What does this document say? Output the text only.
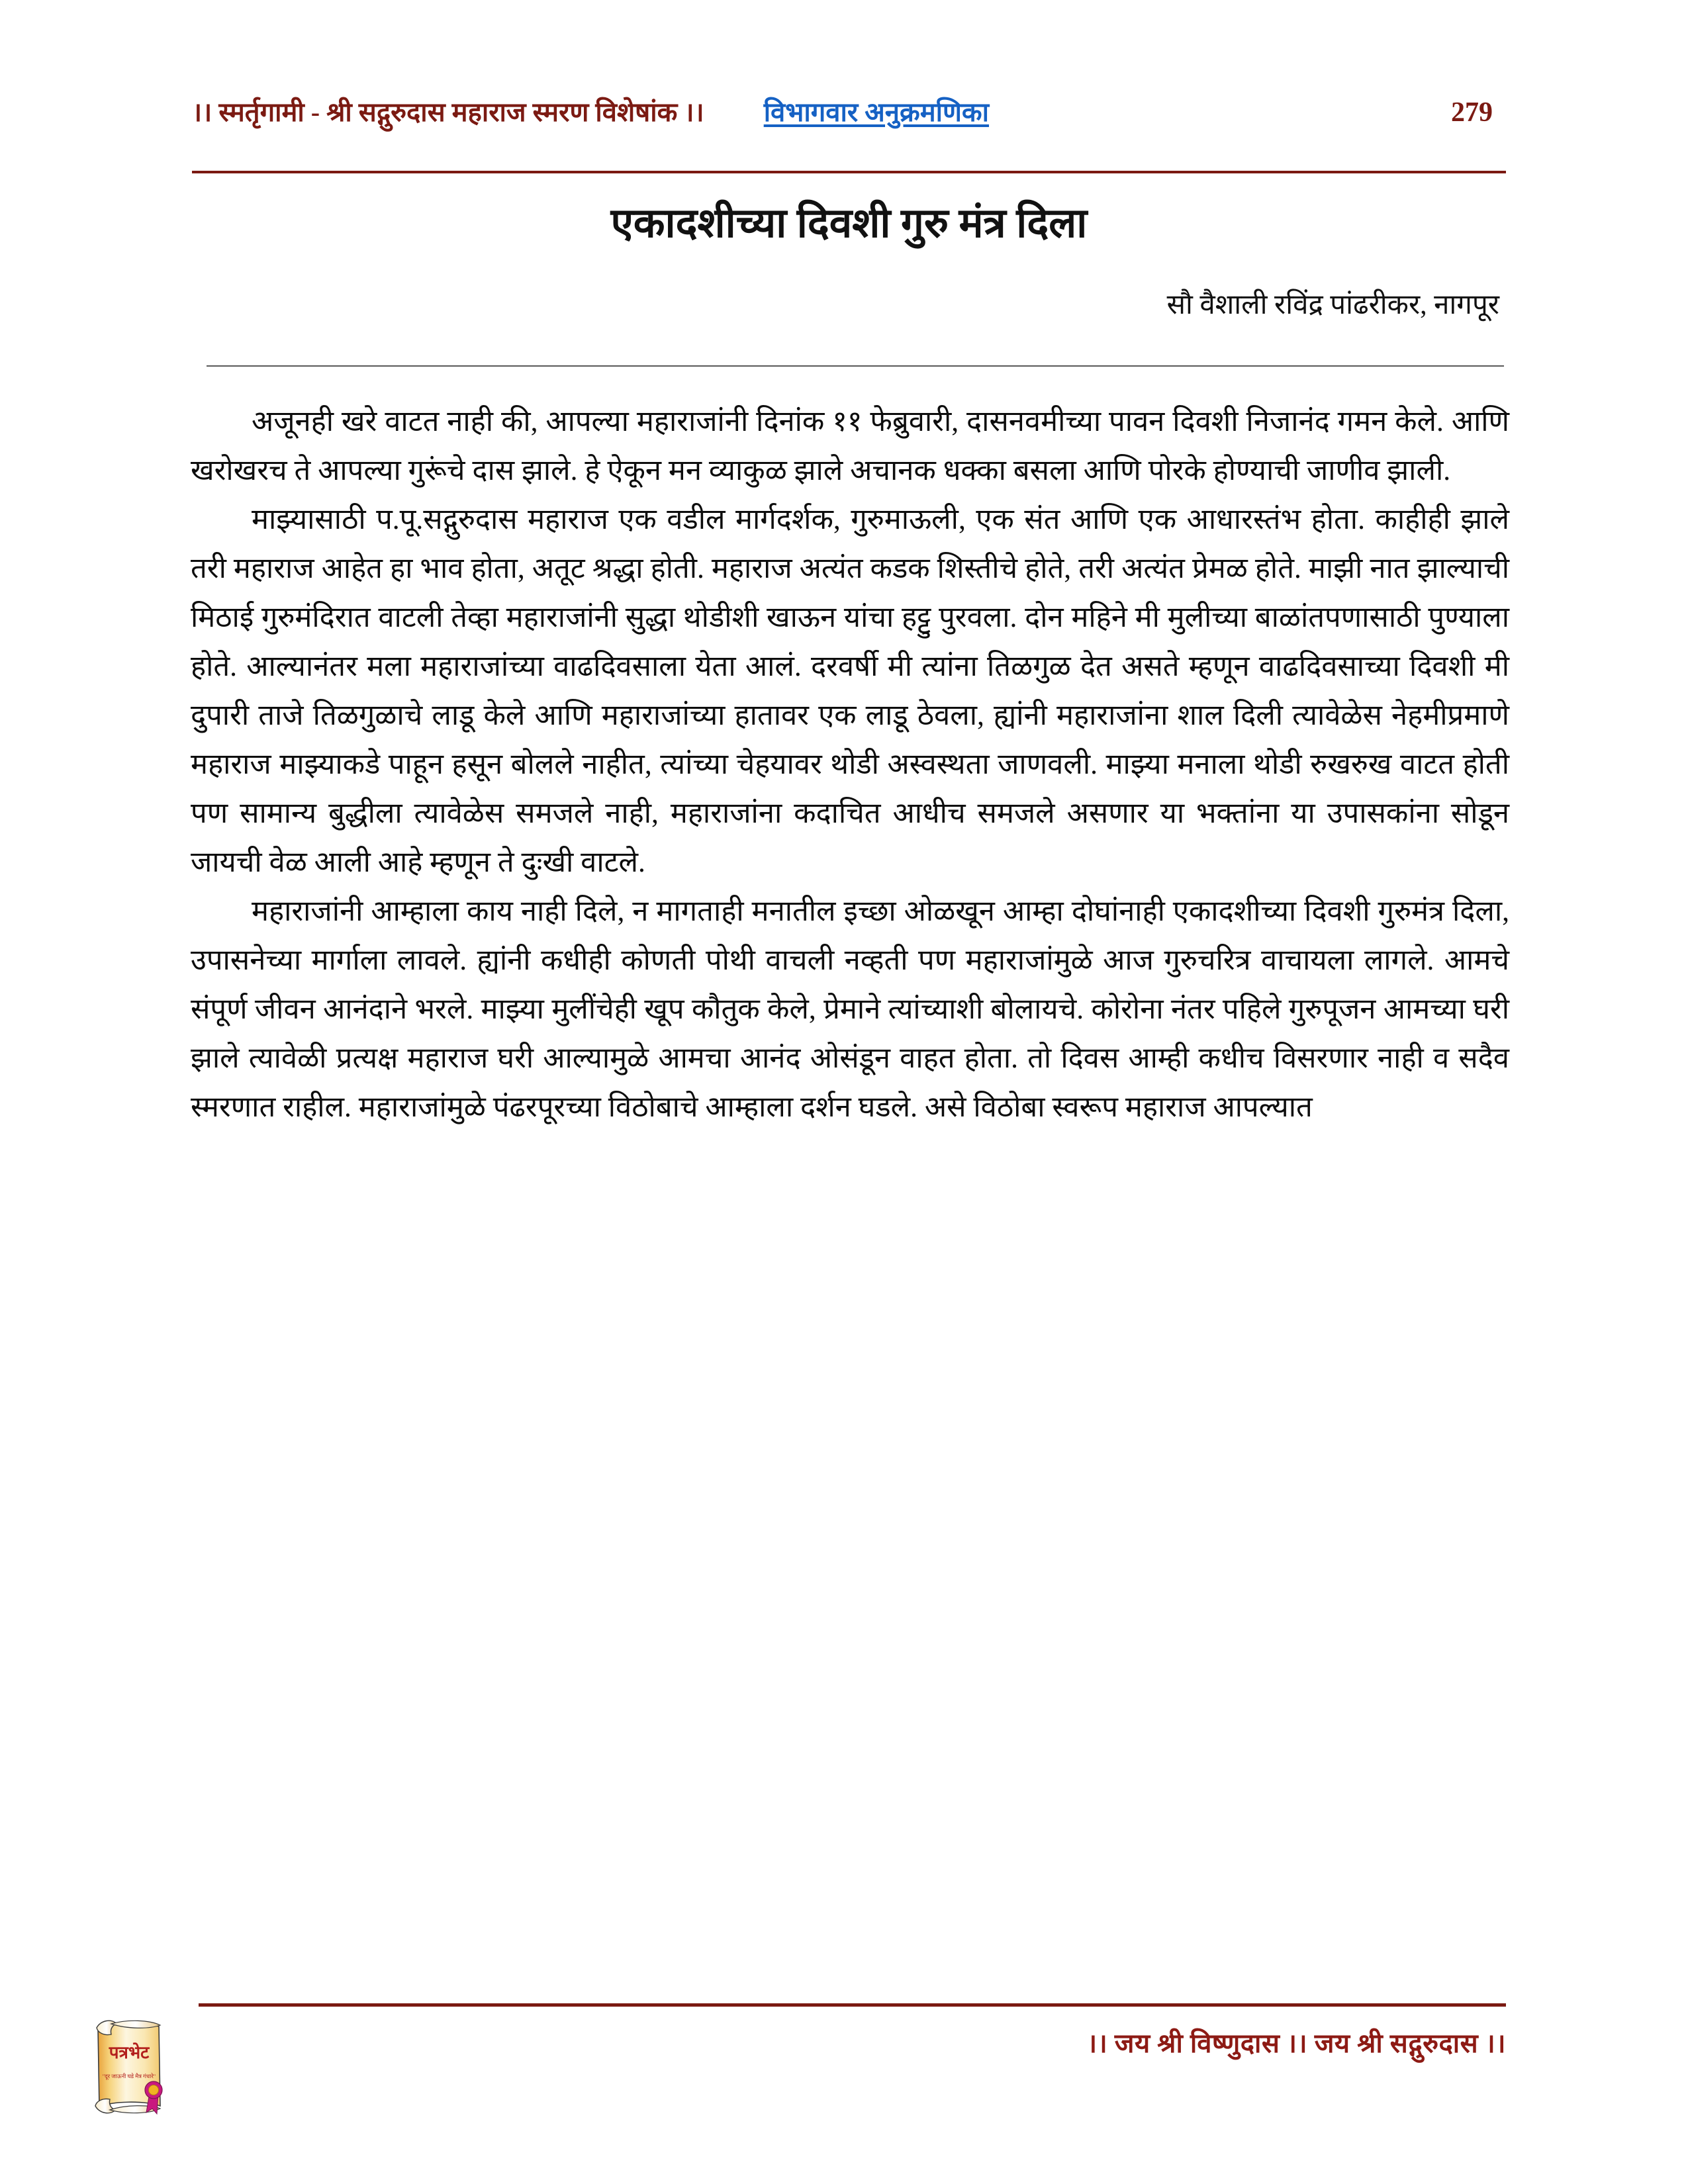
।। स्मर्तृगामी - श्री सद्गुरुदास महाराज स्मरण विशेषांक ।। विभागवार अनुक्रमणिका	279
एकादशीच्या दिवशी गुरु मंत्र दिला
सौ वैशाली रविंद्र पांढरीकर, नागपूर

अजूनही खरे वाटत नाही की, आपल्या महाराजांनी दिनांक ११ फेब्रुवारी, दासनवमीच्या पावन दिवशी निजानंद गमन केले. आणि खरोखरच ते आपल्या गुरूंचे दास झाले. हे ऐकून मन व्याकुळ झाले अचानक धक्का बसला आणि पोरके होण्याची जाणीव झाली.

माझ्यासाठी प.पू.सद्गुरुदास महाराज एक वडील मार्गदर्शक, गुरुमाऊली, एक संत आणि एक आधारस्तंभ होता. काहीही झाले तरी महाराज आहेत हा भाव होता, अतूट श्रद्धा होती. महाराज अत्यंत कडक शिस्तीचे होते, तरी अत्यंत प्रेमळ होते. माझी नात झाल्याची मिठाई गुरुमंदिरात वाटली तेव्हा महाराजांनी सुद्धा थोडीशी खाऊन यांचा हट्टु पुरवला. दोन महिने मी मुलीच्या बाळांतपणासाठी पुण्याला होते. आल्यानंतर मला महाराजांच्या वाढदिवसाला येता आलं. दरवर्षी मी त्यांना तिळगुळ देत असते म्हणून वाढदिवसाच्या दिवशी मी दुपारी ताजे तिळगुळाचे लाडू केले आणि महाराजांच्या हातावर एक लाडू ठेवला, ह्यांनी महाराजांना शाल दिली त्यावेळेस नेहमीप्रमाणे महाराज माझ्याकडे पाहून हसून बोलले नाहीत, त्यांच्या चेहयावर थोडी अस्वस्थता जाणवली. माझ्या मनाला थोडी रुखरुख वाटत होती पण सामान्य बुद्धीला त्यावेळेस समजले नाही, महाराजांना कदाचित आधीच समजले असणार या भक्तांना या उपासकांना सोडून जायची वेळ आली आहे म्हणून ते दुःखी वाटले.

महाराजांनी आम्हाला काय नाही दिले, न मागताही मनातील इच्छा ओळखून आम्हा दोघांनाही एकादशीच्या दिवशी गुरुमंत्र दिला, उपासनेच्या मार्गाला लावले. ह्यांनी कधीही कोणती पोथी वाचली नव्हती पण महाराजांमुळे आज गुरुचरित्र वाचायला लागले. आमचे संपूर्ण जीवन आनंदाने भरले. माझ्या मुलींचेही खूप कौतुक केले, प्रेमाने त्यांच्याशी बोलायचे. कोरोना नंतर पहिले गुरुपूजन आमच्या घरी झाले त्यावेळी प्रत्यक्ष महाराज घरी आल्यामुळे आमचा आनंद ओसंडून वाहत होता. तो दिवस आम्ही कधीच विसरणार नाही व सदैव स्मरणात राहील. महाराजांमुळे पंढरपूरच्या विठोबाचे आम्हाला दर्शन घडले. असे विठोबा स्वरूप महाराज आपल्यात

।। जय श्री विष्णुदास ।। जय श्री सद्गुरुदास ।।
पत्रभेट
"दूर जाऊनी घडे मैत्र गंधारे"
